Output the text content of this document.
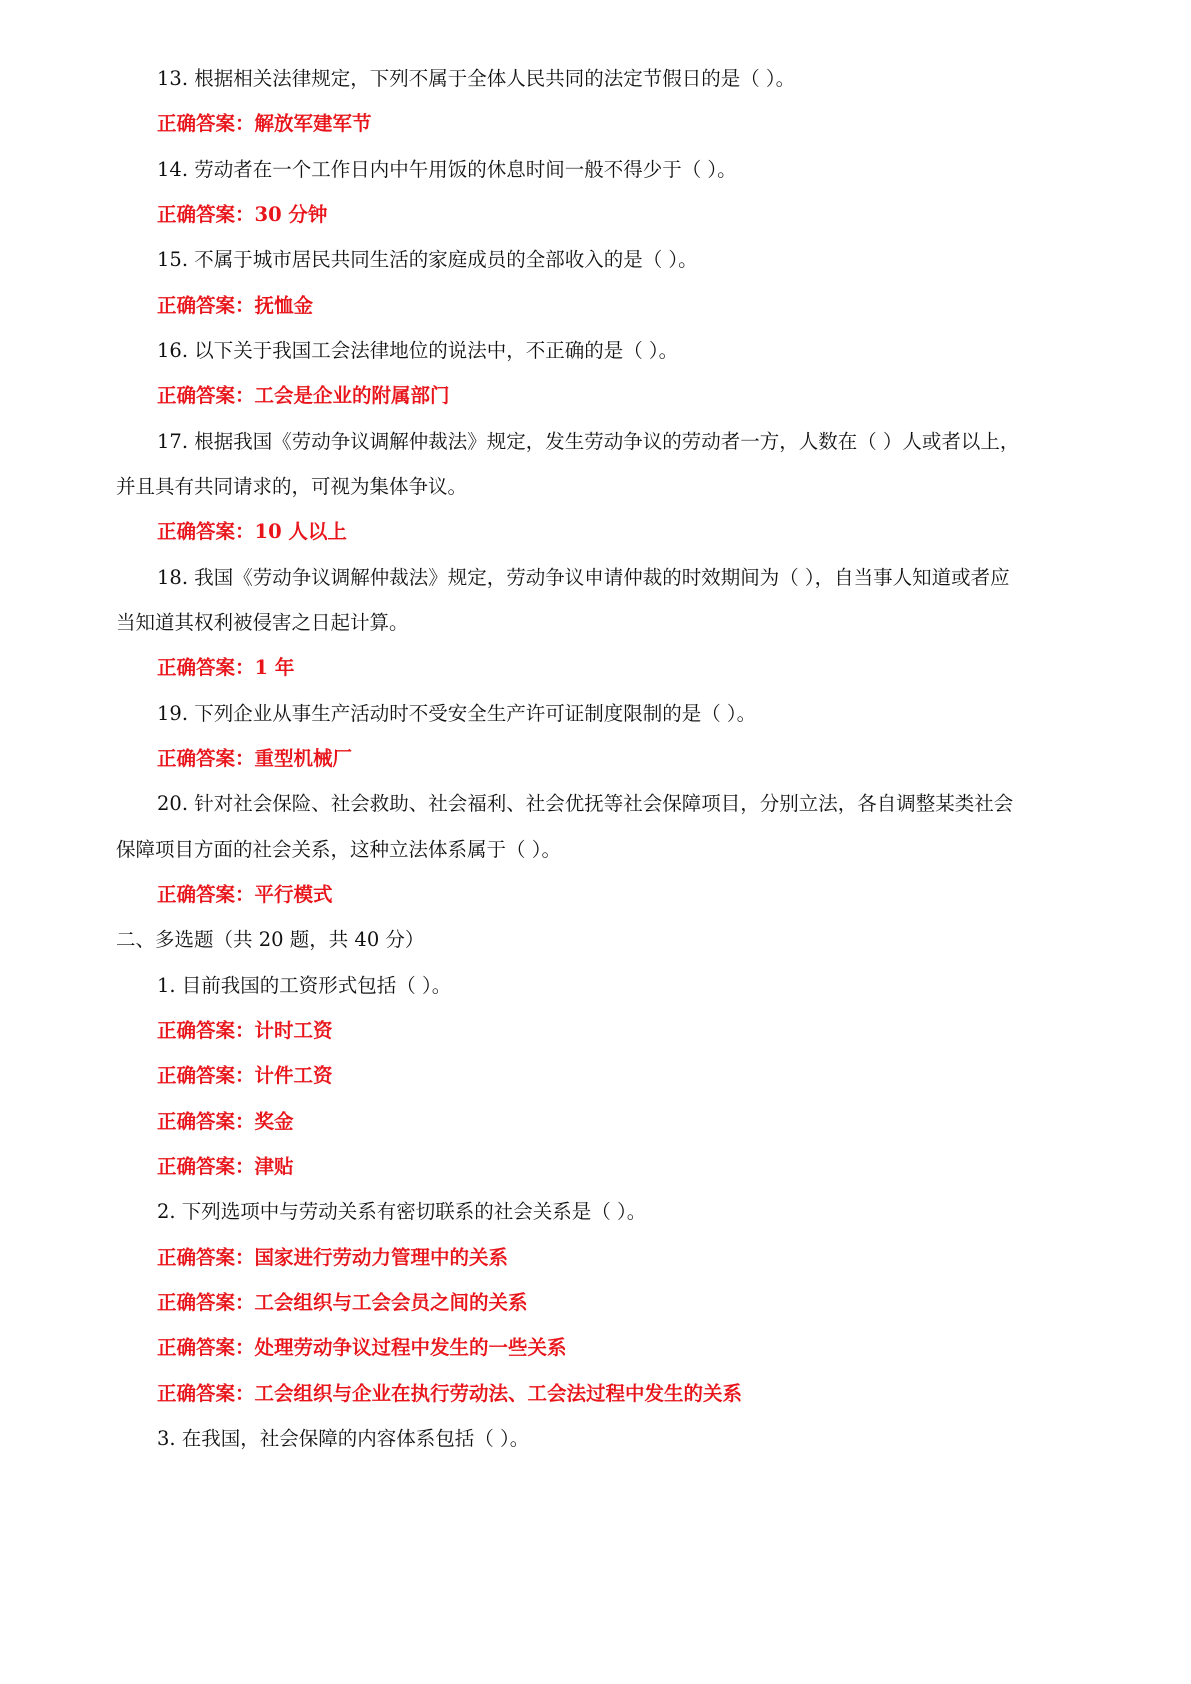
13. 根据相关法律规定，下列不属于全体人民共同的法定节假日的是（ ）。
正确答案：解放军建军节
14. 劳动者在一个工作日内中午用饭的休息时间一般不得少于（ ）。
正确答案：30 分钟
15. 不属于城市居民共同生活的家庭成员的全部收入的是（ ）。
正确答案：抚恤金
16. 以下关于我国工会法律地位的说法中，不正确的是（ ）。
正确答案：工会是企业的附属部门
17. 根据我国《劳动争议调解仲裁法》规定，发生劳动争议的劳动者一方，人数在（ ）人或者以上，
并且具有共同请求的，可视为集体争议。
正确答案：10 人以上
18. 我国《劳动争议调解仲裁法》规定，劳动争议申请仲裁的时效期间为（ ），自当事人知道或者应
当知道其权利被侵害之日起计算。
正确答案：1 年
19. 下列企业从事生产活动时不受安全生产许可证制度限制的是（ ）。
正确答案：重型机械厂
20. 针对社会保险、社会救助、社会福利、社会优抚等社会保障项目，分别立法，各自调整某类社会
保障项目方面的社会关系，这种立法体系属于（ ）。
正确答案：平行模式
二、多选题（共 20 题，共 40 分）
1. 目前我国的工资形式包括（ ）。
正确答案：计时工资
正确答案：计件工资
正确答案：奖金
正确答案：津贴
2. 下列选项中与劳动关系有密切联系的社会关系是（ ）。
正确答案：国家进行劳动力管理中的关系
正确答案：工会组织与工会会员之间的关系
正确答案：处理劳动争议过程中发生的一些关系
正确答案：工会组织与企业在执行劳动法、工会法过程中发生的关系
3. 在我国，社会保障的内容体系包括（ ）。
